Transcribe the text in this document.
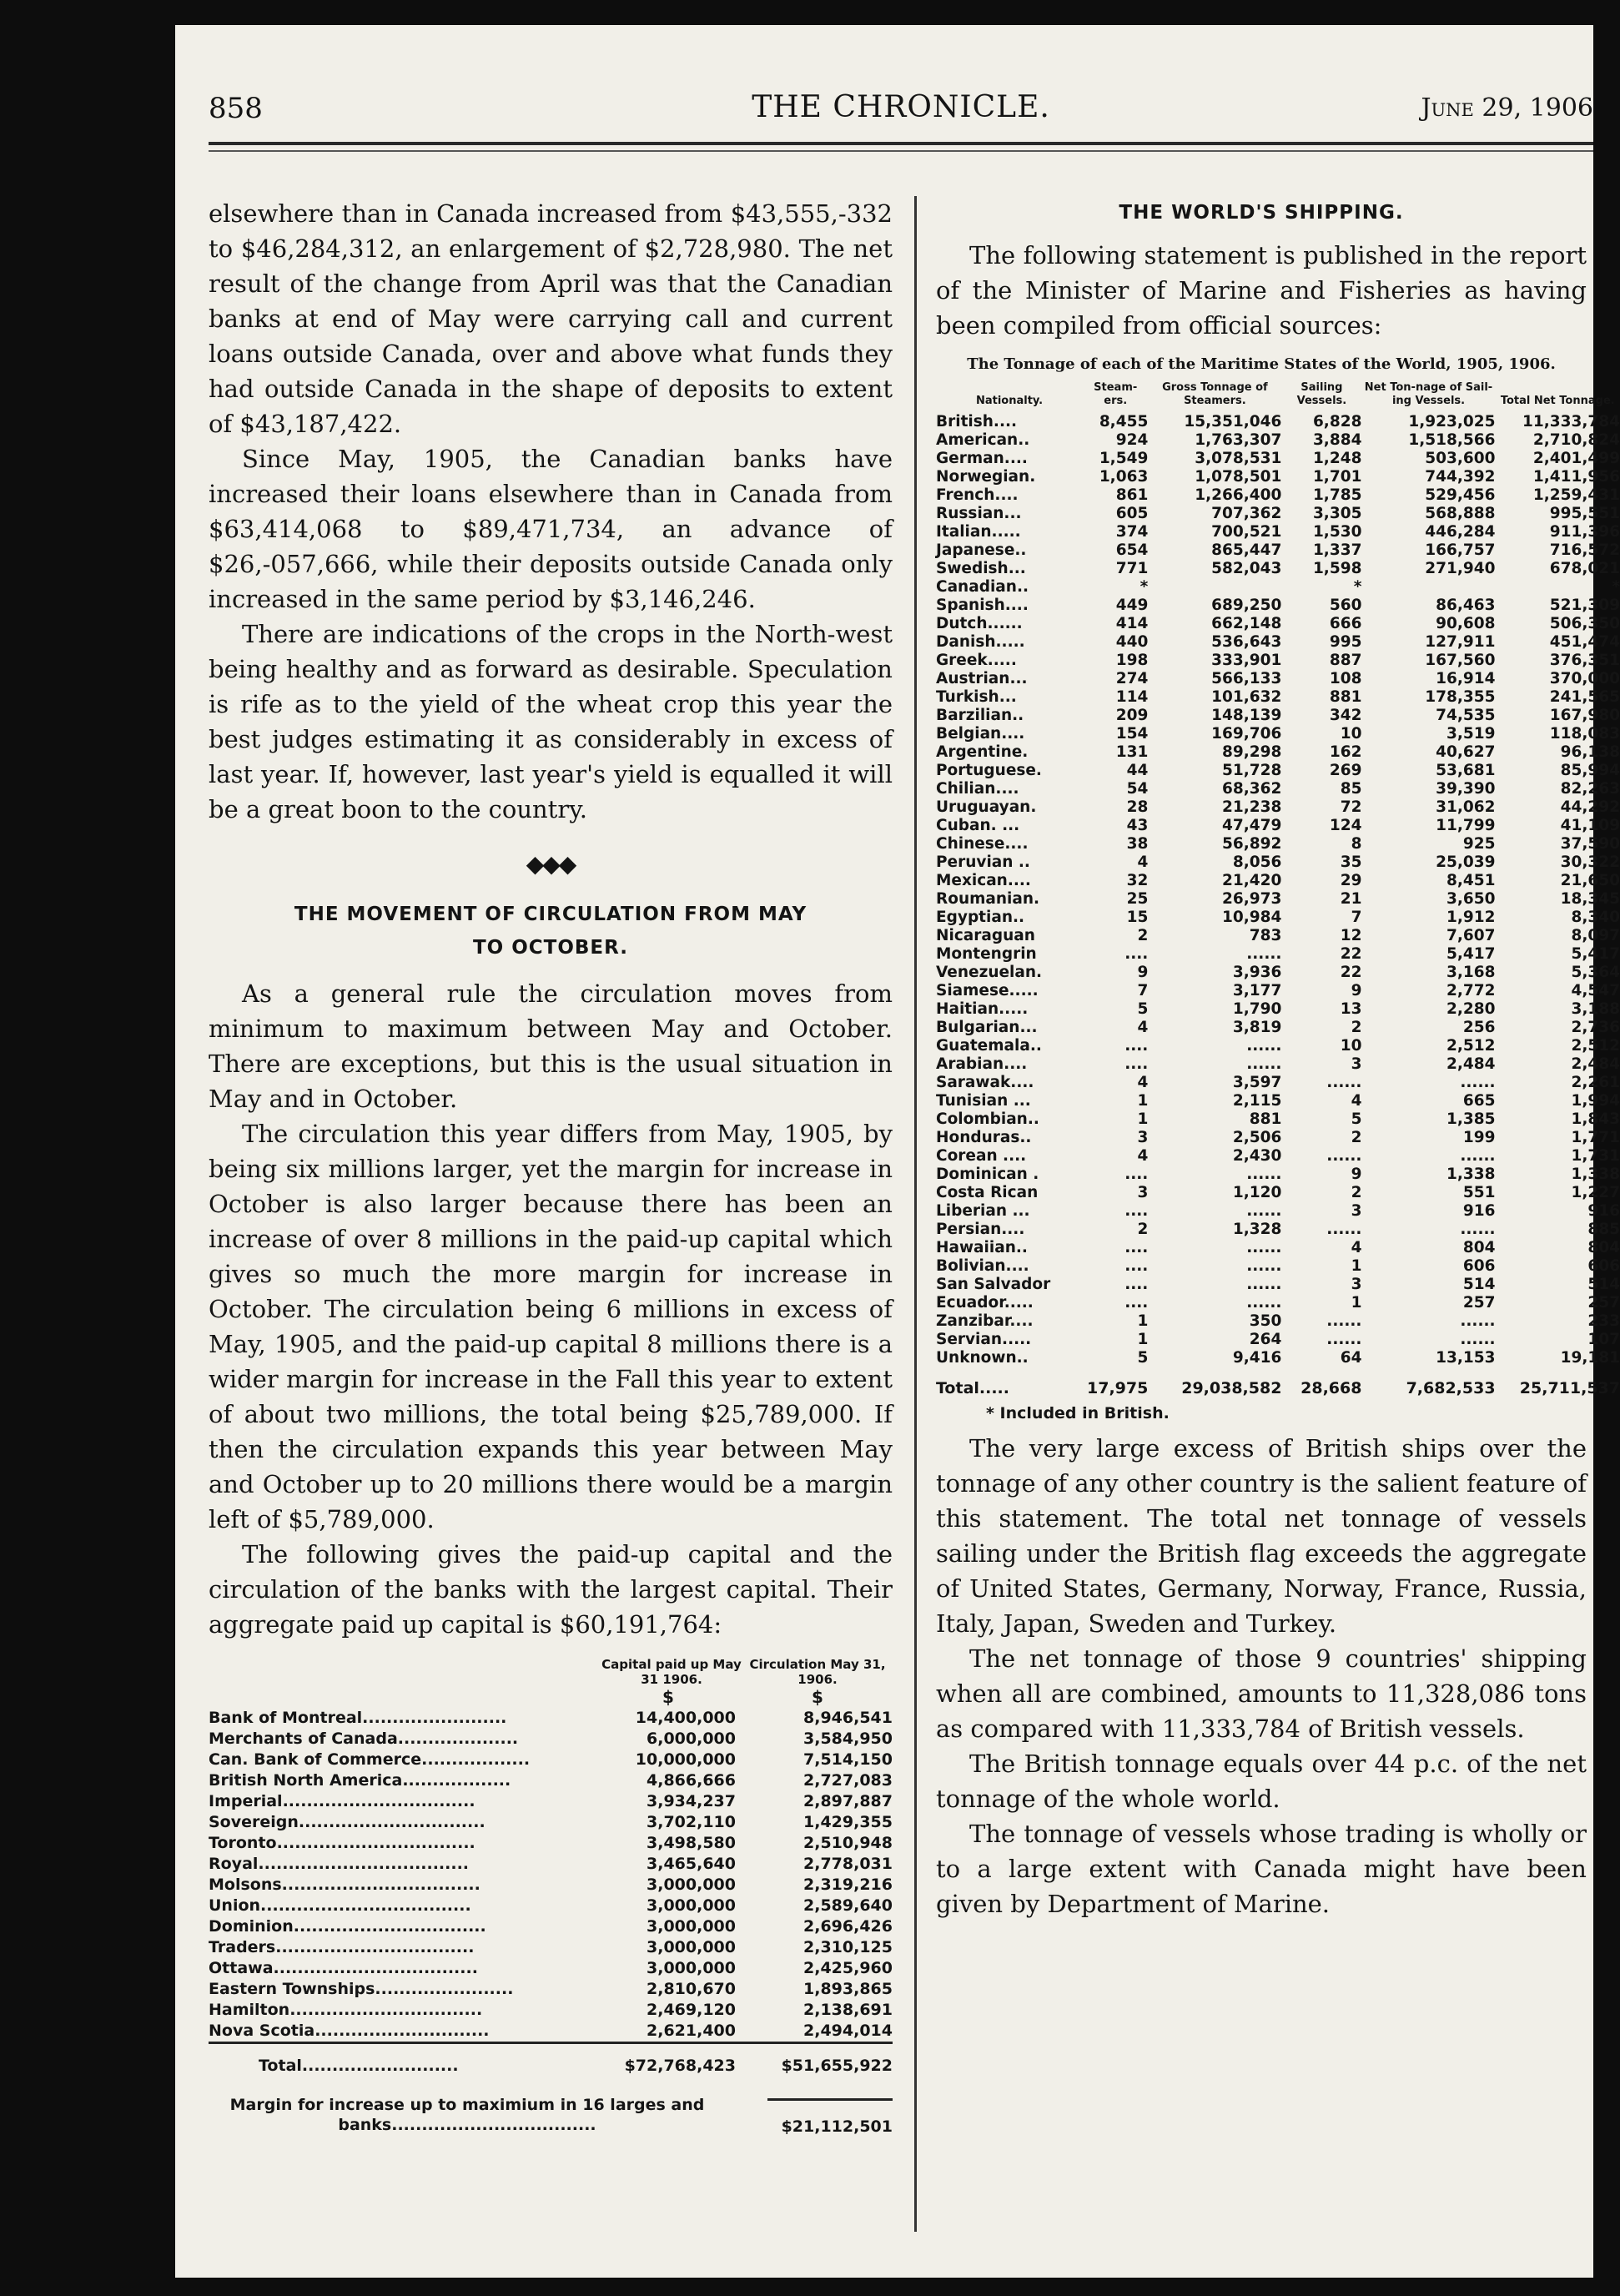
858	THE CHRONICLE.	June 29, 1906

elsewhere than in Canada increased from $43,555,-332 to $46,284,312, an enlargement of $2,728,980. The net result of the change from April was that the Canadian banks at end of May were carrying call and current loans outside Canada, over and above what funds they had outside Canada in the shape of deposits to extent of $43,187,422.

Since May, 1905, the Canadian banks have increased their loans elsewhere than in Canada from $63,414,068 to $89,471,734, an advance of $26,-057,666, while their deposits outside Canada only increased in the same period by $3,146,246.

There are indications of the crops in the North-west being healthy and as forward as desirable. Speculation is rife as to the yield of the wheat crop this year the best judges estimating it as considerably in excess of last year. If, however, last year's yield is equalled it will be a great boon to the country.

◆◆◆
THE MOVEMENT OF CIRCULATION FROM MAY
TO OCTOBER.

As a general rule the circulation moves from minimum to maximum between May and October. There are exceptions, but this is the usual situation in May and in October.

The circulation this year differs from May, 1905, by being six millions larger, yet the margin for increase in October is also larger because there has been an increase of over 8 millions in the paid-up capital which gives so much the more margin for increase in October. The circulation being 6 millions in excess of May, 1905, and the paid-up capital 8 millions there is a wider margin for increase in the Fall this year to extent of about two millions, the total being $25,789,000. If then the circulation expands this year between May and October up to 20 millions there would be a margin left of $5,789,000.

The following gives the paid-up capital and the circulation of the banks with the largest capital. Their aggregate paid up capital is $60,191,764:

	Capital paid up May 31 1906.	Circulation May 31, 1906.
	$	$
Bank of Montreal........................	14,400,000	8,946,541
Merchants of Canada....................	6,000,000	3,584,950
Can. Bank of Commerce..................	10,000,000	7,514,150
British North America..................	4,866,666	2,727,083
Imperial................................	3,934,237	2,897,887
Sovereign...............................	3,702,110	1,429,355
Toronto.................................	3,498,580	2,510,948
Royal...................................	3,465,640	2,778,031
Molsons.................................	3,000,000	2,319,216
Union...................................	3,000,000	2,589,640
Dominion................................	3,000,000	2,696,426
Traders.................................	3,000,000	2,310,125
Ottawa..................................	3,000,000	2,425,960
Eastern Townships.......................	2,810,670	1,893,865
Hamilton................................	2,469,120	2,138,691
Nova Scotia.............................	2,621,400	2,494,014
Total..........................	$72,768,423	$51,655,922
Margin for increase up to maximium in 16 larges and banks..................................	$21,112,501
THE WORLD'S SHIPPING.

The following statement is published in the report of the Minister of Marine and Fisheries as having been compiled from official sources:

The Tonnage of each of the Maritime States of the World, 1905, 1906.
Nationalty.	Steam-ers.	Gross Tonnage of Steamers.	Sailing Vessels.	Net Ton-nage of Sail-ing Vessels.	Total Net Tonnage.
British....	8,455	15,351,046	6,828	1,923,025	11,333,784
American..	924	1,763,307	3,884	1,518,566	2,710,824
German....	1,549	3,078,531	1,248	503,600	2,401,499
Norwegian.	1,063	1,078,501	1,701	744,392	1,411,956
French....	861	1,266,400	1,785	529,456	1,259,431
Russian...	605	707,362	3,305	568,888	995,551
Italian.....	374	700,521	1,530	446,284	911,396
Japanese..	654	865,447	1,337	166,757	716,572
Swedish...	771	582,043	1,598	271,940	678,021
Canadian..	*		*		*
Spanish....	449	689,250	560	86,463	521,309
Dutch......	414	662,148	666	90,608	506,350
Danish.....	440	536,643	995	127,911	451,474
Greek.....	198	333,901	887	167,560	376,351
Austrian...	274	566,133	108	16,914	370,000
Turkish...	114	101,632	881	178,355	241,565
Barzilian..	209	148,139	342	74,535	167,980
Belgian....	154	169,706	10	3,519	118,083
Argentine.	131	89,298	162	40,627	96,138
Portuguese.	44	51,728	269	53,681	85,994
Chilian....	54	68,362	85	39,390	82,263
Uruguayan.	28	21,238	72	31,062	44,292
Cuban. ...	43	47,479	124	11,799	41,109
Chinese....	38	56,892	8	925	37,590
Peruvian ..	4	8,056	35	25,039	30,322
Mexican....	32	21,420	29	8,451	21,650
Roumanian.	25	26,973	21	3,650	18,345
Egyptian..	15	10,984	7	1,912	8,340
Nicaraguan	2	783	12	7,607	8,097
Montengrin	....	......	22	5,417	5,417
Venezuelan.	9	3,936	22	3,168	5,364
Siamese.....	7	3,177	9	2,772	4,547
Haitian.....	5	1,790	13	2,280	3,188
Bulgarian...	4	3,819	2	256	2,736
Guatemala..	....	......	10	2,512	2,512
Arabian....	....	......	3	2,484	2,484
Sarawak....	4	3,597	......	......	2,261
Tunisian ...	1	2,115	4	665	1,994
Colombian..	1	881	5	1,385	1,843
Honduras..	3	2,506	2	199	1,771
Corean ....	4	2,430	......	......	1,731
Dominican .	....	......	9	1,338	1,338
Costa Rican	3	1,120	2	551	1,227
Liberian ...	....	......	3	916	916
Persian....	2	1,328	......	......	885
Hawaiian..	....	......	4	804	804
Bolivian....	....	......	1	606	606
San Salvador	....	......	3	514	514
Ecuador.....	....	......	1	257	257
Zanzibar....	1	350	......	......	233
Servian.....	1	264	......	......	107
Unknown..	5	9,416	64	13,153	19,181
Total.....	17,975	29,038,582	28,668	7,682,533	25,711,537
* Included in British.

The very large excess of British ships over the tonnage of any other country is the salient feature of this statement. The total net tonnage of vessels sailing under the British flag exceeds the aggregate of United States, Germany, Norway, France, Russia, Italy, Japan, Sweden and Turkey.

The net tonnage of those 9 countries' shipping when all are combined, amounts to 11,328,086 tons as compared with 11,333,784 of British vessels.

The British tonnage equals over 44 p.c. of the net tonnage of the whole world.

The tonnage of vessels whose trading is wholly or to a large extent with Canada might have been given by Department of Marine.
